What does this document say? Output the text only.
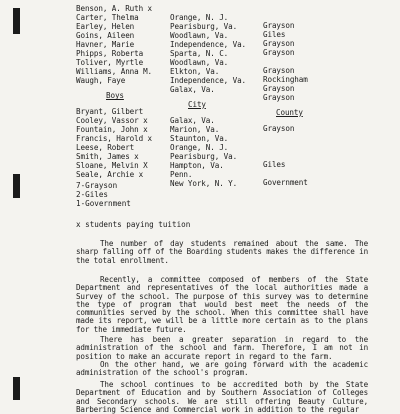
Benson, A. Ruth x

Orange, N. J.

Grayson

Carter, Thelma

Pearisburg, Va.

Giles

Earley, Helen

Woodlawn, Va.

Grayson

Goins, Aileen

Independence, Va.

Grayson

Havner, Marie

Sparta, N. C.

Phipps, Roberta

Woodlawn, Va.

Grayson

Toliver, Myrtle

Elkton, Va.

Rockingham

Williams, Anna M.

Independence, Va.

Grayson

Waugh, Faye

Galax, Va.

Grayson

Boys

City

County

Bryant, Gilbert

Galax, Va.

Grayson

Cooley, Vassor x

Marion, Va.

Fountain, John x

Staunton, Va.

Francis, Harold x

Orange, N. J.

Leese, Robert

Pearisburg, Va.

Giles

Smith, James x

Hampton, Va.

Sloane, Melvin X

Penn.

Government

Seale, Archie x

New York, N. Y.

7-Grayson
2-Giles
1-Government
x students paying tuition
The number of day students remained about the same. The sharp falling off of the Boarding students makes the difference in the total enrollment.
Recently, a committee composed of members of the State Department and representatives of the local authorities made a Survey of the school. The purpose of this survey was to determine the type of program that would best meet the needs of the communities served by the school. When this committee shall have made its report, we will be a little more certain as to the plans for the immediate future.
There has been a greater separation in regard to the administration of the school and farm. Therefore, I am not in position to make an accurate report in regard to the farm.
On the other hand, we are going forward with the academic administration of the school's program.
The school continues to be accredited both by the State Department of Education and by Southern Association of Colleges and Secondary schools. We are still offering Beauty Culture, Barbering Science and Commercial work in addition to the regular
